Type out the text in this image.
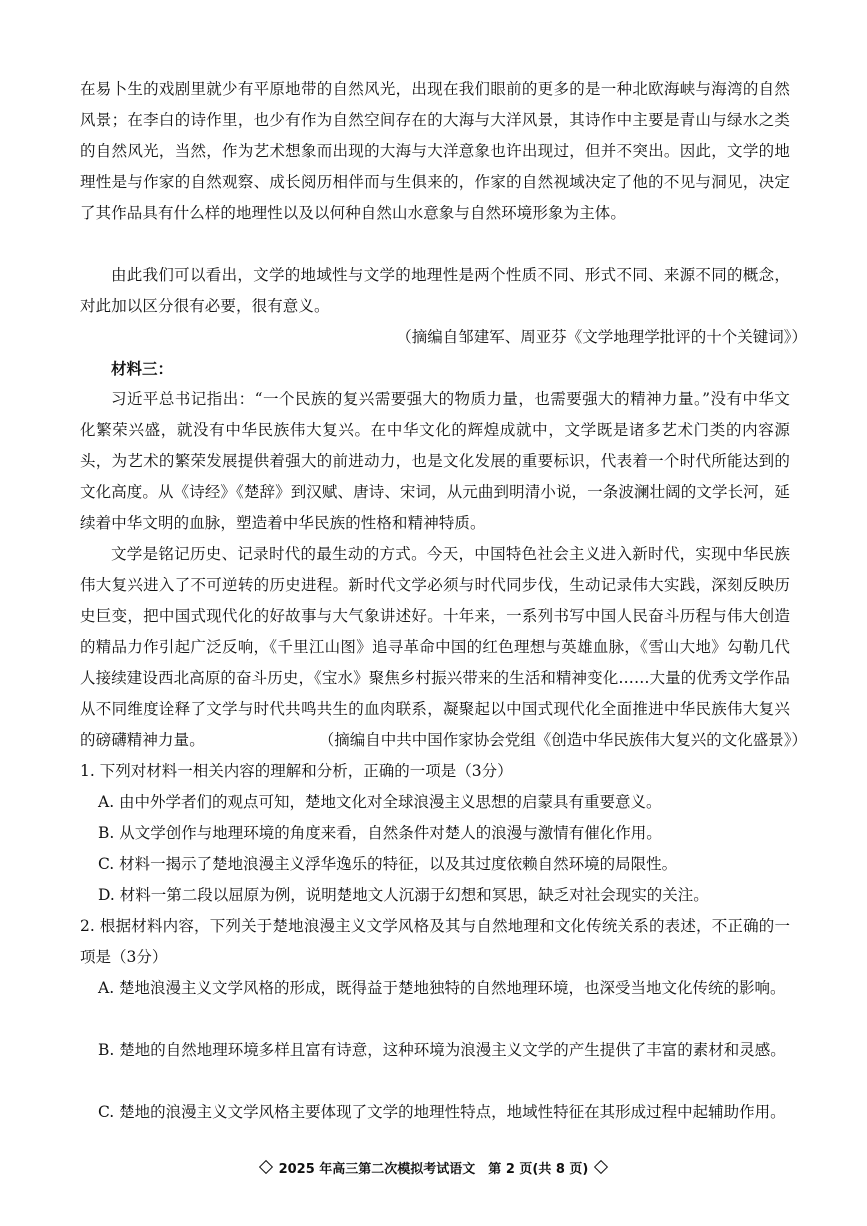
在易卜生的戏剧里就少有平原地带的自然风光，出现在我们眼前的更多的是一种北欧海峡与海湾的自然风景；在李白的诗作里，也少有作为自然空间存在的大海与大洋风景，其诗作中主要是青山与绿水之类的自然风光，当然，作为艺术想象而出现的大海与大洋意象也许出现过，但并不突出。因此，文学的地理性是与作家的自然观察、成长阅历相伴而与生俱来的，作家的自然视域决定了他的不见与洞见，决定了其作品具有什么样的地理性以及以何种自然山水意象与自然环境形象为主体。

由此我们可以看出，文学的地域性与文学的地理性是两个性质不同、形式不同、来源不同的概念，对此加以区分很有必要，很有意义。

（摘编自邹建军、周亚芬《文学地理学批评的十个关键词》）

材料三：

习近平总书记指出：“一个民族的复兴需要强大的物质力量，也需要强大的精神力量。”没有中华文化繁荣兴盛，就没有中华民族伟大复兴。在中华文化的辉煌成就中，文学既是诸多艺术门类的内容源头，为艺术的繁荣发展提供着强大的前进动力，也是文化发展的重要标识，代表着一个时代所能达到的文化高度。从《诗经》《楚辞》到汉赋、唐诗、宋词，从元曲到明清小说，一条波澜壮阔的文学长河，延续着中华文明的血脉，塑造着中华民族的性格和精神特质。

文学是铭记历史、记录时代的最生动的方式。今天，中国特色社会主义进入新时代，实现中华民族伟大复兴进入了不可逆转的历史进程。新时代文学必须与时代同步伐，生动记录伟大实践，深刻反映历史巨变，把中国式现代化的好故事与大气象讲述好。十年来，一系列书写中国人民奋斗历程与伟大创造的精品力作引起广泛反响，《千里江山图》追寻革命中国的红色理想与英雄血脉，《雪山大地》勾勒几代人接续建设西北高原的奋斗历史，《宝水》聚焦乡村振兴带来的生活和精神变化……大量的优秀文学作品从不同维度诠释了文学与时代共鸣共生的血肉联系，凝聚起以中国式现代化全面推进中华民族伟大复兴的磅礴精神力量。	（摘编自中共中国作家协会党组《创造中华民族伟大复兴的文化盛景》）

1. 下列对材料一相关内容的理解和分析，正确的一项是（3分）

A. 由中外学者们的观点可知，楚地文化对全球浪漫主义思想的启蒙具有重要意义。

B. 从文学创作与地理环境的角度来看，自然条件对楚人的浪漫与激情有催化作用。

C. 材料一揭示了楚地浪漫主义浮华逸乐的特征，以及其过度依赖自然环境的局限性。

D. 材料一第二段以屈原为例，说明楚地文人沉溺于幻想和冥思，缺乏对社会现实的关注。

2. 根据材料内容，下列关于楚地浪漫主义文学风格及其与自然地理和文化传统关系的表述，不正确的一项是（3分）

A. 楚地浪漫主义文学风格的形成，既得益于楚地独特的自然地理环境，也深受当地文化传统的影响。

B. 楚地的自然地理环境多样且富有诗意，这种环境为浪漫主义文学的产生提供了丰富的素材和灵感。

C. 楚地的浪漫主义文学风格主要体现了文学的地理性特点，地域性特征在其形成过程中起辅助作用。

2025 年高三第二次模拟考试语文　第 2 页(共 8 页)
